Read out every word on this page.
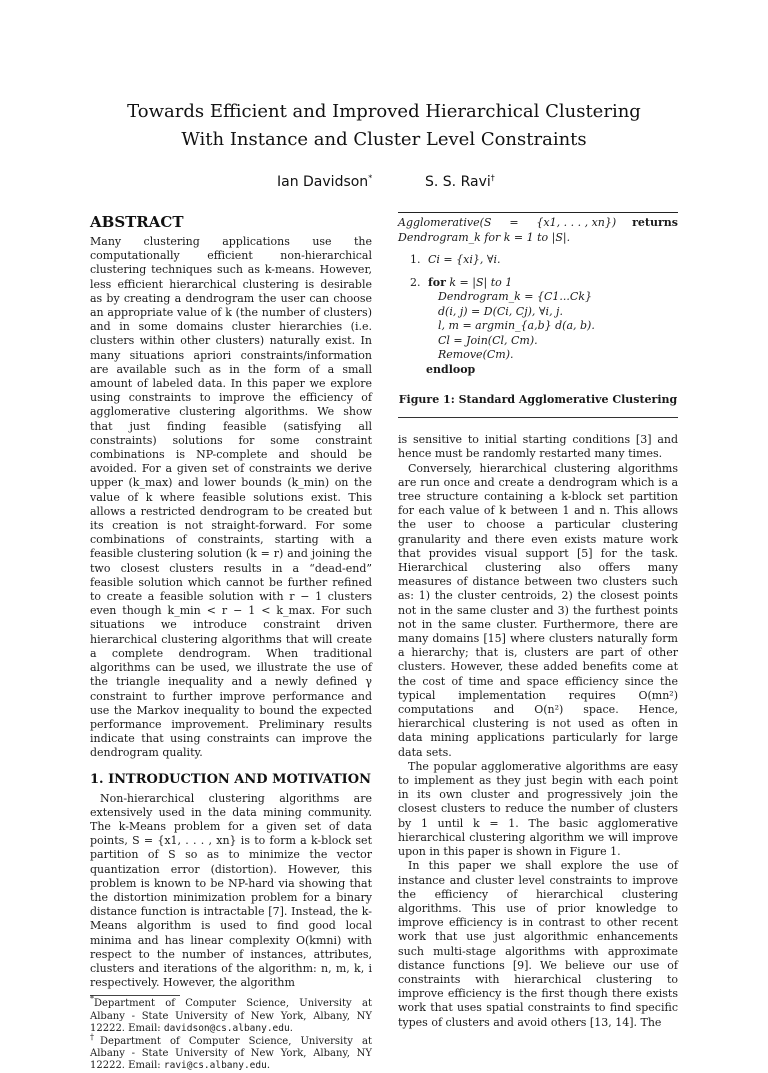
Towards Efficient and Improved Hierarchical Clustering
With Instance and Cluster Level Constraints
Ian Davidson*	S. S. Ravi†
ABSTRACT

Many clustering applications use the computationally efficient non-hierarchical clustering techniques such as k-means. However, less efficient hierarchical clustering is desirable as by creating a dendrogram the user can choose an appropriate value of k (the number of clusters) and in some domains cluster hierarchies (i.e. clusters within other clusters) naturally exist. In many situations apriori constraints/information are available such as in the form of a small amount of labeled data. In this paper we explore using constraints to improve the efficiency of agglomerative clustering algorithms. We show that just finding feasible (satisfying all constraints) solutions for some constraint combinations is NP-complete and should be avoided. For a given set of constraints we derive upper (k_max) and lower bounds (k_min) on the value of k where feasible solutions exist. This allows a restricted dendrogram to be created but its creation is not straight-forward. For some combinations of constraints, starting with a feasible clustering solution (k = r) and joining the two closest clusters results in a “dead-end” feasible solution which cannot be further refined to create a feasible solution with r − 1 clusters even though k_min < r − 1 < k_max. For such situations we introduce constraint driven hierarchical clustering algorithms that will create a complete dendrogram. When traditional algorithms can be used, we illustrate the use of the triangle inequality and a newly defined γ constraint to further improve performance and use the Markov inequality to bound the expected performance improvement. Preliminary results indicate that using constraints can improve the dendrogram quality.

1. INTRODUCTION AND MOTIVATION

Non-hierarchical clustering algorithms are extensively used in the data mining community. The k-Means problem for a given set of data points, S = {x1, . . . , xn} is to form a k-block set partition of S so as to minimize the vector quantization error (distortion). However, this problem is known to be NP-hard via showing that the distortion minimization problem for a binary distance function is intractable [7]. Instead, the k-Means algorithm is used to find good local minima and has linear complexity O(kmni) with respect to the number of instances, attributes, clusters and iterations of the algorithm: n, m, k, i respectively. However, the algorithm

*Department of Computer Science, University at Albany - State University of New York, Albany, NY 12222. Email: davidson@cs.albany.edu.

†Department of Computer Science, University at Albany - State University of New York, Albany, NY 12222. Email: ravi@cs.albany.edu.

returns
Agglomerative(S = {x1, . . . , xn})
Dendrogram_k for k = 1 to |S|.
1. Ci = {xi}, ∀i.
2. for k = |S| to 1
Dendrogram_k = {C1...Ck}
d(i, j) = D(Ci, Cj), ∀i, j.
l, m = argmin_{a,b} d(a, b).
Cl = Join(Cl, Cm).
Remove(Cm).
endloop
Figure 1: Standard Agglomerative Clustering

is sensitive to initial starting conditions [3] and hence must be randomly restarted many times.

Conversely, hierarchical clustering algorithms are run once and create a dendrogram which is a tree structure containing a k-block set partition for each value of k between 1 and n. This allows the user to choose a particular clustering granularity and there even exists mature work that provides visual support [5] for the task. Hierarchical clustering also offers many measures of distance between two clusters such as: 1) the cluster centroids, 2) the closest points not in the same cluster and 3) the furthest points not in the same cluster. Furthermore, there are many domains [15] where clusters naturally form a hierarchy; that is, clusters are part of other clusters. However, these added benefits come at the cost of time and space efficiency since the typical implementation requires O(mn²) computations and O(n²) space. Hence, hierarchical clustering is not used as often in data mining applications particularly for large data sets.

The popular agglomerative algorithms are easy to implement as they just begin with each point in its own cluster and progressively join the closest clusters to reduce the number of clusters by 1 until k = 1. The basic agglomerative hierarchical clustering algorithm we will improve upon in this paper is shown in Figure 1.

In this paper we shall explore the use of instance and cluster level constraints to improve the efficiency of hierarchical clustering algorithms. This use of prior knowledge to improve efficiency is in contrast to other recent work that use just algorithmic enhancements such multi-stage algorithms with approximate distance functions [9]. We believe our use of constraints with hierarchical clustering to improve efficiency is the first though there exists work that uses spatial constraints to find specific types of clusters and avoid others [13, 14]. The
